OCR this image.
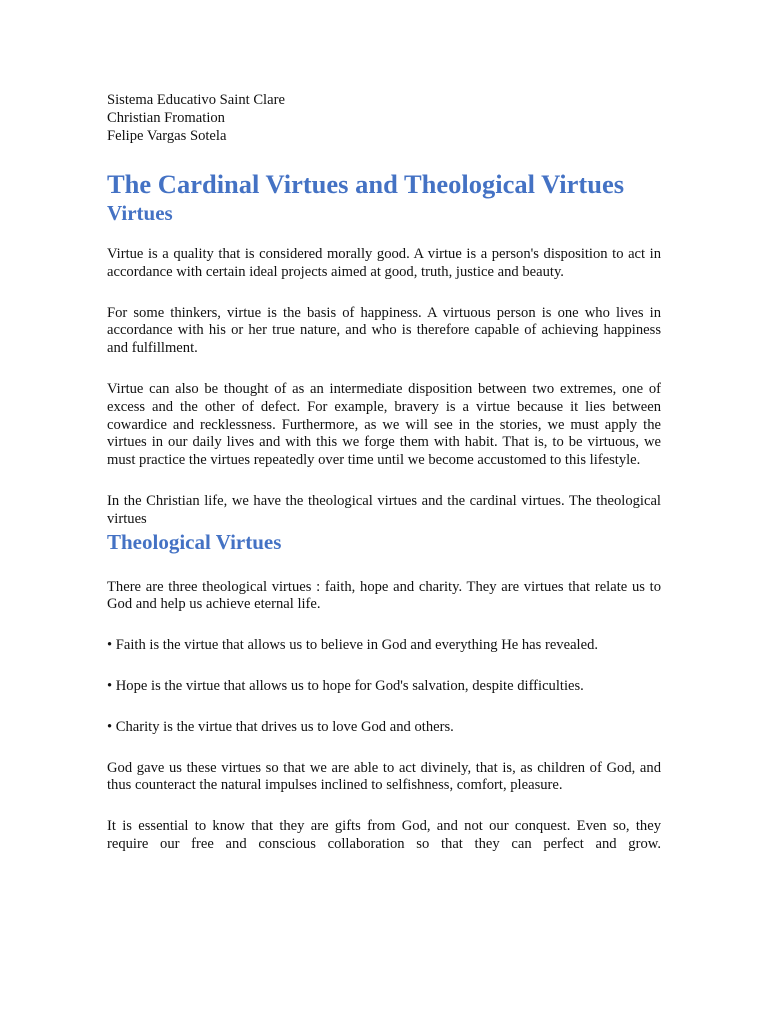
Sistema Educativo Saint Clare
Christian Fromation
Felipe Vargas Sotela
The Cardinal Virtues and Theological Virtues
Virtues

Virtue is a quality that is considered morally good. A virtue is a person's disposition to act in accordance with certain ideal projects aimed at good, truth, justice and beauty.

For some thinkers, virtue is the basis of happiness. A virtuous person is one who lives in accordance with his or her true nature, and who is therefore capable of achieving happiness and fulfillment.

Virtue can also be thought of as an intermediate disposition between two extremes, one of excess and the other of defect. For example, bravery is a virtue because it lies between cowardice and recklessness. Furthermore, as we will see in the stories, we must apply the virtues in our daily lives and with this we forge them with habit. That is, to be virtuous, we must practice the virtues repeatedly over time until we become accustomed to this lifestyle.

In the Christian life, we have the theological virtues and the cardinal virtues. The theological virtues

Theological Virtues

There are three theological virtues : faith, hope and charity. They are virtues that relate us to God and help us achieve eternal life.

• Faith is the virtue that allows us to believe in God and everything He has revealed.

• Hope is the virtue that allows us to hope for God's salvation, despite difficulties.

• Charity is the virtue that drives us to love God and others.

God gave us these virtues so that we are able to act divinely, that is, as children of God, and thus counteract the natural impulses inclined to selfishness, comfort, pleasure.

It is essential to know that they are gifts from God, and not our conquest. Even so, they require our free and conscious collaboration so that they can perfect and grow.
